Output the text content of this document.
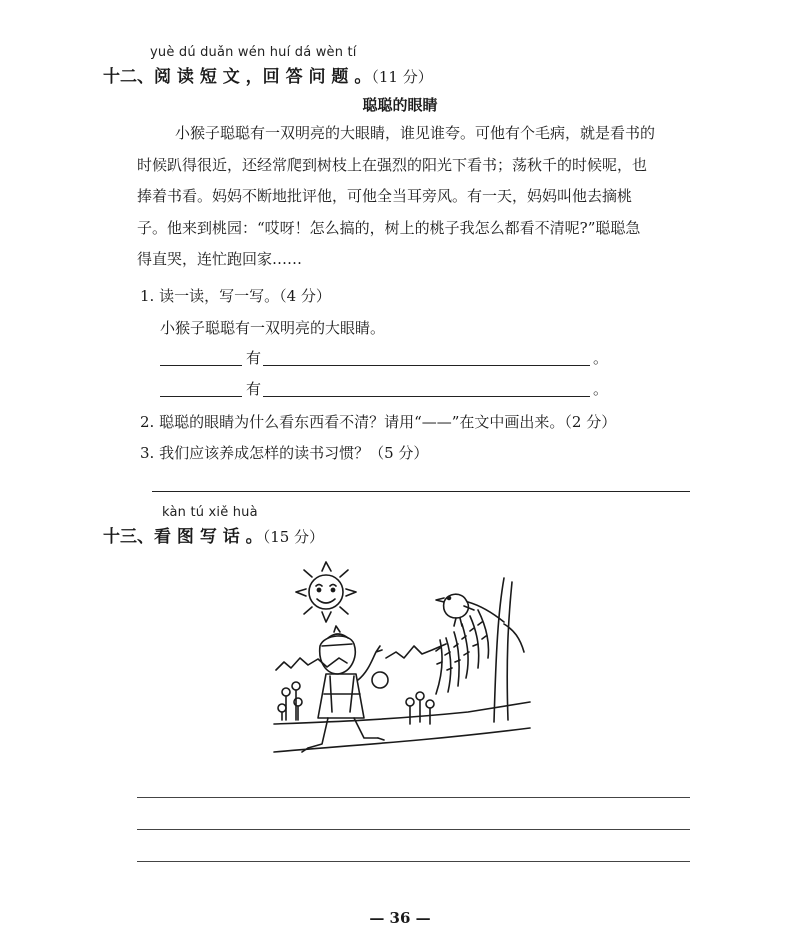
yuè dú duǎn wén huí dá wèn tí
十二、阅 读 短 文 ，回 答 问 题 。（11 分）
聪聪的眼睛

小猴子聪聪有一双明亮的大眼睛，谁见谁夸。可他有个毛病，就是看书的

时候趴得很近，还经常爬到树枝上在强烈的阳光下看书；荡秋千的时候呢，也

捧着书看。妈妈不断地批评他，可他全当耳旁风。有一天，妈妈叫他去摘桃

子。他来到桃园：“哎呀！怎么搞的，树上的桃子我怎么都看不清呢?”聪聪急

得直哭，连忙跑回家……

1. 读一读，写一写。（4 分）
小猴子聪聪有一双明亮的大眼睛。
有	。
有	。
2. 聪聪的眼睛为什么看东西看不清？请用“——”在文中画出来。（2 分）
3. 我们应该养成怎样的读书习惯？（5 分）
kàn tú xiě huà
十三、看 图 写 话 。（15 分）
— 36 —
